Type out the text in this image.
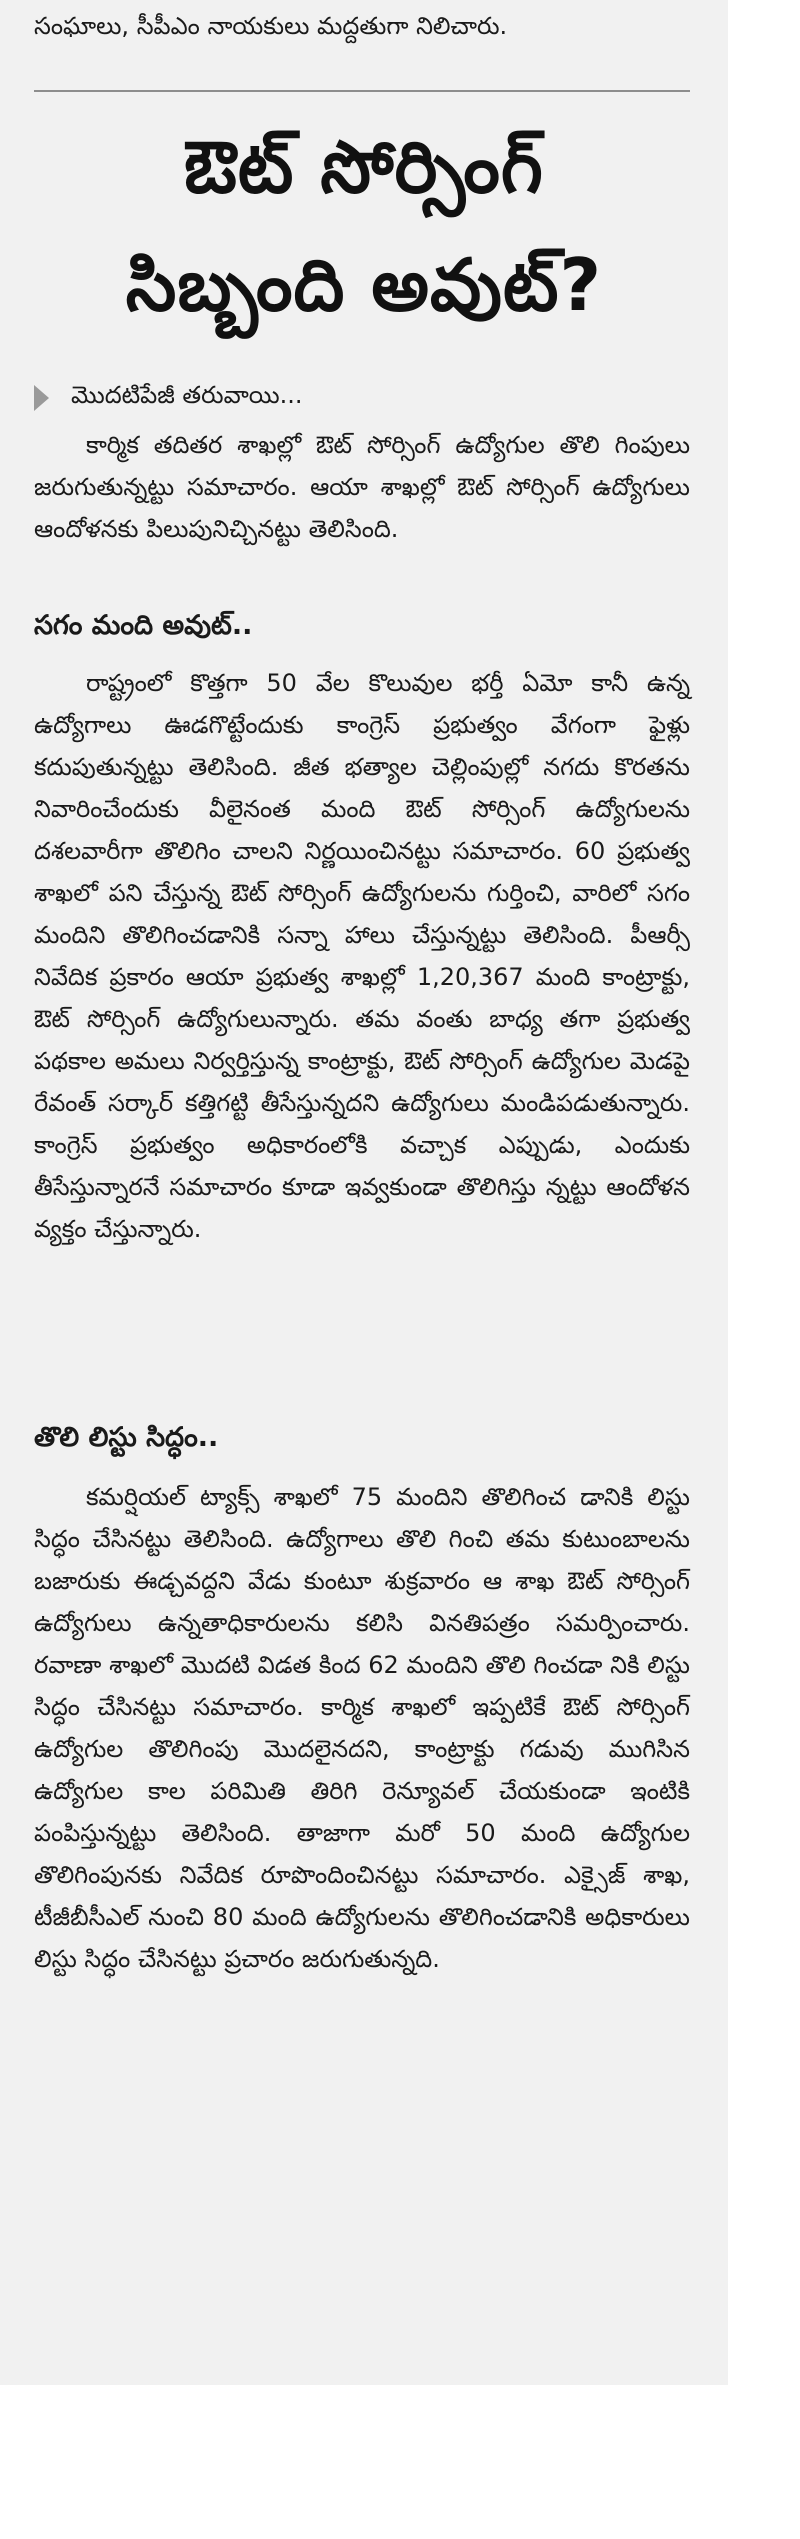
సంఘాలు, సీపీఎం నాయకులు మద్దతుగా నిలిచారు.
ఔట్ సోర్సింగ్
సిబ్బంది అవుట్?
మొదటిపేజీ తరువాయి...

కార్మిక తదితర శాఖల్లో ఔట్ సోర్సింగ్ ఉద్యోగుల తొలి గింపులు జరుగుతున్నట్టు సమాచారం. ఆయా శాఖల్లో ఔట్ సోర్సింగ్ ఉద్యోగులు ఆందోళనకు పిలుపునిచ్చినట్టు తెలిసింది.

సగం మంది అవుట్..

రాష్ట్రంలో కొత్తగా 50 వేల కొలువుల భర్తీ ఏమో కానీ ఉన్న ఉద్యోగాలు ఊడగొట్టేందుకు కాంగ్రెస్ ప్రభుత్వం వేగంగా ఫైళ్లు కదుపుతున్నట్టు తెలిసింది. జీత భత్యాల చెల్లింపుల్లో నగదు కొరతను నివారించేందుకు వీలైనంత మంది ఔట్ సోర్సింగ్ ఉద్యోగులను దశలవారీగా తొలిగిం చాలని నిర్ణయించినట్టు సమాచారం. 60 ప్రభుత్వ శాఖలో పని చేస్తున్న ఔట్ సోర్సింగ్ ఉద్యోగులను గుర్తించి, వారిలో సగం మందిని తొలిగించడానికి సన్నా హాలు చేస్తున్నట్టు తెలిసింది. పీఆర్సీ నివేదిక ప్రకారం ఆయా ప్రభుత్వ శాఖల్లో 1,20,367 మంది కాంట్రాక్టు, ఔట్ సోర్సింగ్ ఉద్యోగులున్నారు. తమ వంతు బాధ్య తగా ప్రభుత్వ పథకాల అమలు నిర్వర్తిస్తున్న కాంట్రాక్టు, ఔట్ సోర్సింగ్ ఉద్యోగుల మెడపై రేవంత్ సర్కార్ కత్తిగట్టి తీసేస్తున్నదని ఉద్యోగులు మండిపడుతున్నారు. కాంగ్రెస్ ప్రభుత్వం అధికారంలోకి వచ్చాక ఎప్పుడు, ఎందుకు తీసేస్తున్నారనే సమాచారం కూడా ఇవ్వకుండా తొలిగిస్తు న్నట్టు ఆందోళన వ్యక్తం చేస్తున్నారు.

తొలి లిస్టు సిద్ధం..

కమర్షియల్ ట్యాక్స్ శాఖలో 75 మందిని తొలిగించ డానికి లిస్టు సిద్ధం చేసినట్టు తెలిసింది. ఉద్యోగాలు తొలి గించి తమ కుటుంబాలను బజారుకు ఈడ్చవద్దని వేడు కుంటూ శుక్రవారం ఆ శాఖ ఔట్ సోర్సింగ్ ఉద్యోగులు ఉన్నతాధికారులను కలిసి వినతిపత్రం సమర్పించారు. రవాణా శాఖలో మొదటి విడత కింద 62 మందిని తొలి గించడా నికి లిస్టు సిద్ధం చేసినట్టు సమాచారం. కార్మిక శాఖలో ఇప్పటికే ఔట్ సోర్సింగ్ ఉద్యోగుల తొలిగింపు మొదలైనదని, కాంట్రాక్టు గడువు ముగిసిన ఉద్యోగుల కాల పరిమితి తిరిగి రెన్యూవల్ చేయకుండా ఇంటికి పంపిస్తున్నట్టు తెలిసింది. తాజాగా మరో 50 మంది ఉద్యోగుల తొలిగింపునకు నివేదిక రూపొందించినట్టు సమాచారం. ఎక్సైజ్ శాఖ, టీజీబీసీఎల్ నుంచి 80 మంది ఉద్యోగులను తొలిగించడానికి అధికారులు లిస్టు సిద్ధం చేసినట్టు ప్రచారం జరుగుతున్నది.
